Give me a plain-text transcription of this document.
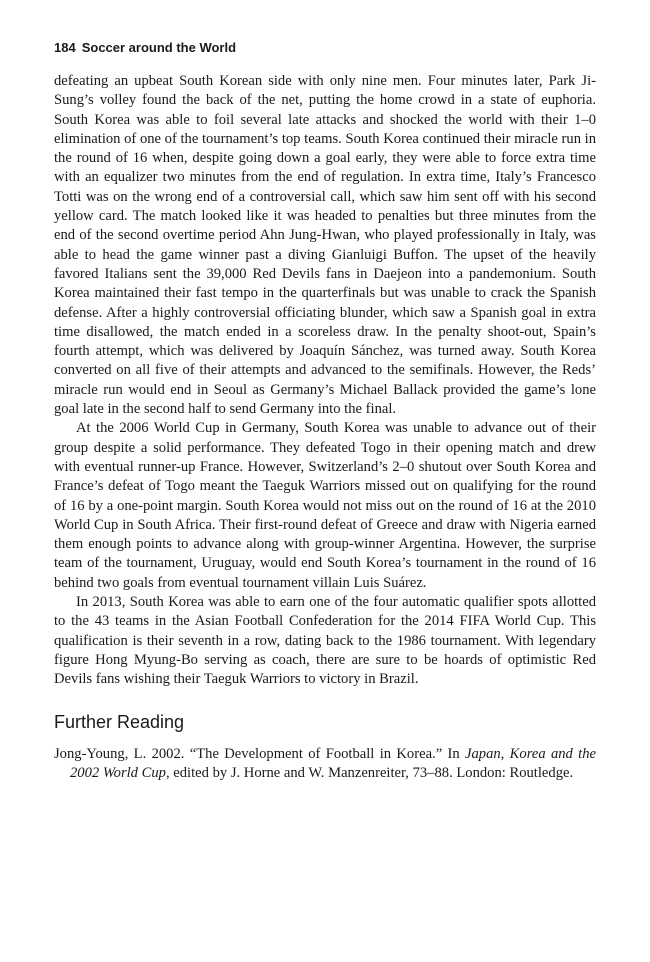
184 Soccer around the World

defeating an upbeat South Korean side with only nine men. Four minutes later, Park Ji-Sung’s volley found the back of the net, putting the home crowd in a state of euphoria. South Korea was able to foil several late attacks and shocked the world with their 1–0 elimination of one of the tournament’s top teams. South Korea continued their miracle run in the round of 16 when, despite going down a goal early, they were able to force extra time with an equalizer two minutes from the end of regulation. In extra time, Italy’s Francesco Totti was on the wrong end of a controversial call, which saw him sent off with his second yellow card. The match looked like it was headed to penalties but three minutes from the end of the second overtime period Ahn Jung-Hwan, who played professionally in Italy, was able to head the game winner past a diving Gianluigi Buffon. The upset of the heavily favored Italians sent the 39,000 Red Devils fans in Daejeon into a pandemonium. South Korea maintained their fast tempo in the quarterfinals but was unable to crack the Spanish defense. After a highly controversial officiating blunder, which saw a Spanish goal in extra time disallowed, the match ended in a scoreless draw. In the penalty shoot-out, Spain’s fourth attempt, which was delivered by Joaquín Sánchez, was turned away. South Korea converted on all five of their attempts and advanced to the semifinals. However, the Reds’ miracle run would end in Seoul as Germany’s Michael Ballack provided the game’s lone goal late in the second half to send Germany into the final.

At the 2006 World Cup in Germany, South Korea was unable to advance out of their group despite a solid performance. They defeated Togo in their opening match and drew with eventual runner-up France. However, Switzerland’s 2–0 shutout over South Korea and France’s defeat of Togo meant the Taeguk Warriors missed out on qualifying for the round of 16 by a one-point margin. South Korea would not miss out on the round of 16 at the 2010 World Cup in South Africa. Their first-round defeat of Greece and draw with Nigeria earned them enough points to advance along with group-winner Argentina. However, the surprise team of the tournament, Uruguay, would end South Korea’s tournament in the round of 16 behind two goals from eventual tournament villain Luis Suárez.

In 2013, South Korea was able to earn one of the four automatic qualifier spots allotted to the 43 teams in the Asian Football Confederation for the 2014 FIFA World Cup. This qualification is their seventh in a row, dating back to the 1986 tournament. With legendary figure Hong Myung-Bo serving as coach, there are sure to be hoards of optimistic Red Devils fans wishing their Taeguk Warriors to victory in Brazil.

Further Reading

Jong-Young, L. 2002. “The Development of Football in Korea.” In Japan, Korea and the 2002 World Cup, edited by J. Horne and W. Manzenreiter, 73–88. London: Routledge.
